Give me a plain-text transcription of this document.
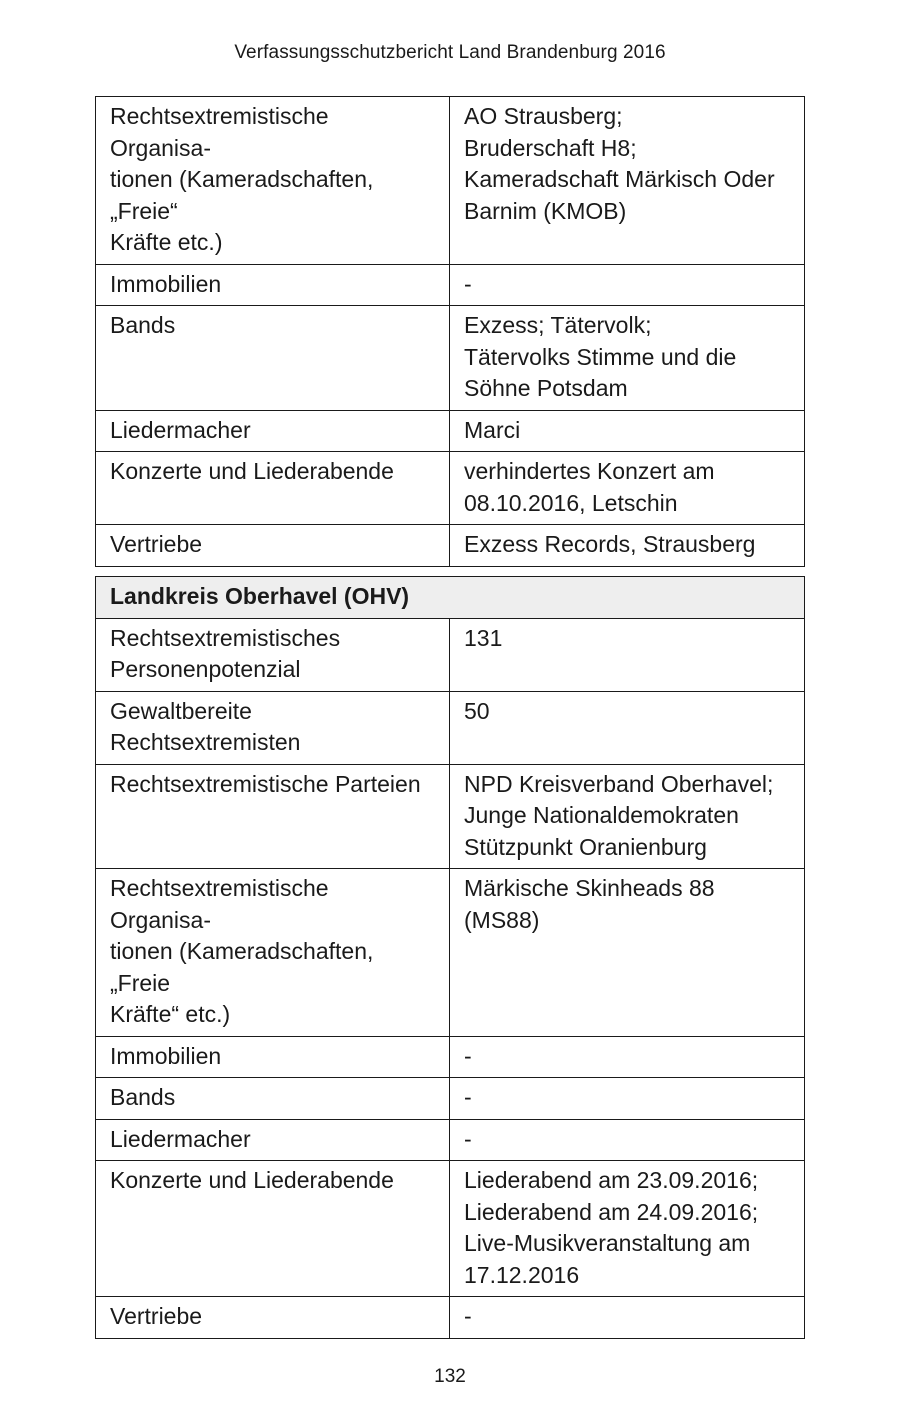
Verfassungsschutzbericht Land Brandenburg 2016
Rechtsextremistische Organisa-
tionen (Kameradschaften, „Freie“
Kräfte etc.)	AO Strausberg;
Bruderschaft H8;
Kameradschaft Märkisch Oder
Barnim (KMOB)
Immobilien	-
Bands	Exzess; Tätervolk;
Tätervolks Stimme und die
Söhne Potsdam
Liedermacher	Marci
Konzerte und Liederabende	verhindertes Konzert am
08.10.2016, Letschin
Vertriebe	Exzess Records, Strausberg
Landkreis Oberhavel (OHV)	
Rechtsextremistisches
Personenpotenzial	131
Gewaltbereite Rechtsextremisten	50
Rechtsextremistische Parteien	NPD Kreisverband Oberhavel;
Junge Nationaldemokraten
Stützpunkt Oranienburg
Rechtsextremistische Organisa-
tionen (Kameradschaften, „Freie
Kräfte“ etc.)	Märkische Skinheads 88 (MS88)
Immobilien	-
Bands	-
Liedermacher	-
Konzerte und Liederabende	Liederabend am 23.09.2016;
Liederabend am 24.09.2016;
Live-Musikveranstaltung am
17.12.2016
Vertriebe	-
132
